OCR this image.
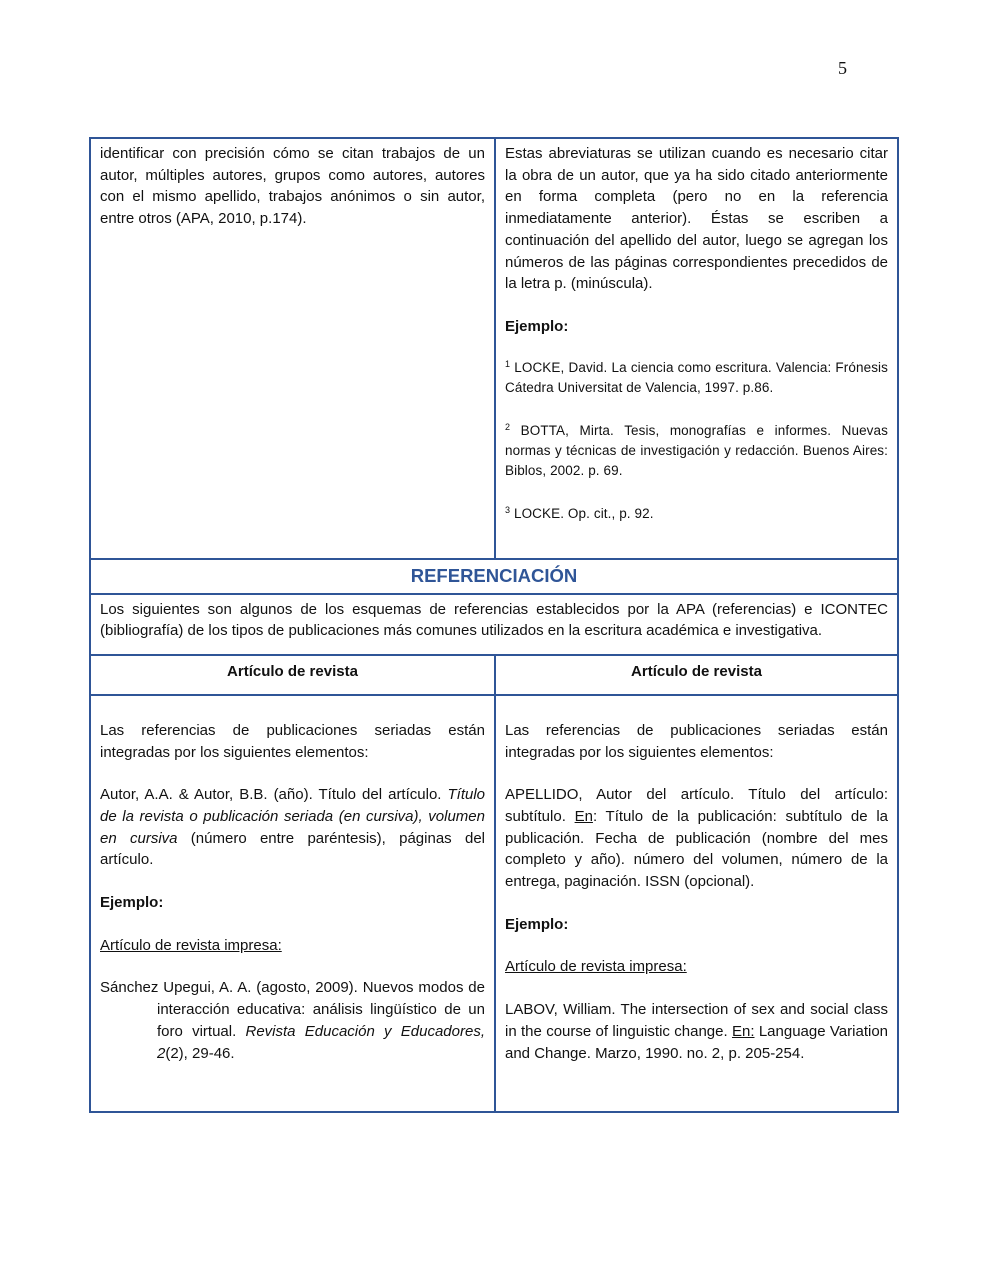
5

identificar con precisión cómo se citan trabajos de un autor, múltiples autores, grupos como autores, autores con el mismo apellido, trabajos anónimos o sin autor, entre otros (APA, 2010, p.174).

Estas abreviaturas se utilizan cuando es necesario citar la obra de un autor, que ya ha sido citado anteriormente en forma completa (pero no en la referencia inmediatamente anterior). Éstas se escriben a continuación del apellido del autor, luego se agregan los números de las páginas correspondientes precedidos de la letra p. (minúscula).

Ejemplo:

$^1$ LOCKE, David. La ciencia como escritura. Valencia: Frónesis Cátedra Universitat de Valencia, 1997. p.86.

$^2$ BOTTA, Mirta. Tesis, monografías e informes. Nuevas normas y técnicas de investigación y redacción. Buenos Aires: Biblos, 2002. p. 69.

$^3$ LOCKE. Op. cit., p. 92.

REFERENCIACIÓN
Los siguientes son algunos de los esquemas de referencias establecidos por la APA (referencias) e ICONTEC (bibliografía) de los tipos de publicaciones más comunes utilizados en la escritura académica e investigativa.
Artículo de revista	Artículo de revista

Las referencias de publicaciones seriadas están integradas por los siguientes elementos:

Autor, A.A. & Autor, B.B. (año). Título del artículo. Título de la revista o publicación seriada (en cursiva), volumen en cursiva (número entre paréntesis), páginas del artículo.

Ejemplo:

Artículo de revista impresa:

Sánchez Upegui, A. A. (agosto, 2009). Nuevos modos de interacción educativa: análisis lingüístico de un foro virtual. Revista Educación y Educadores, 2(2), 29-46.

Las referencias de publicaciones seriadas están integradas por los siguientes elementos:

APELLIDO, Autor del artículo. Título del artículo: subtítulo. En: Título de la publicación: subtítulo de la publicación. Fecha de publicación (nombre del mes completo y año). número del volumen, número de la entrega, paginación. ISSN (opcional).

Ejemplo:

Artículo de revista impresa:

LABOV, William. The intersection of sex and social class in the course of linguistic change. En: Language Variation and Change. Marzo, 1990. no. 2, p. 205-254.
